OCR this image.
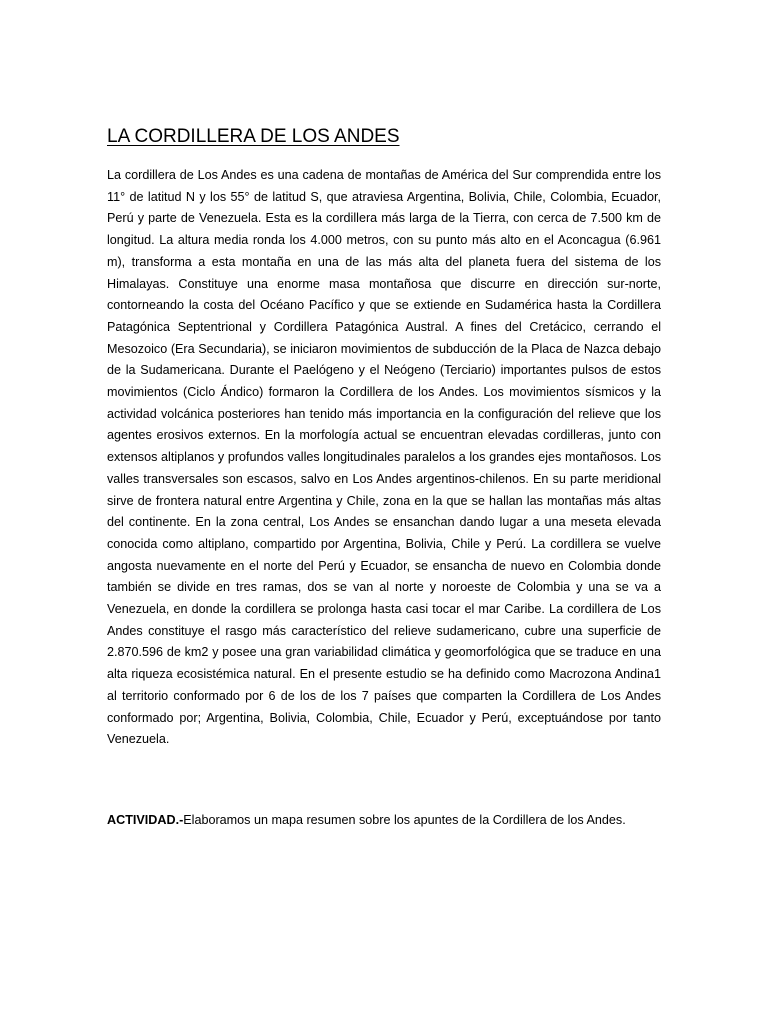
LA CORDILLERA DE LOS ANDES

La cordillera de Los Andes es una cadena de montañas de América del Sur comprendida entre los 11° de latitud N y los 55° de latitud S, que atraviesa Argentina, Bolivia, Chile, Colombia, Ecuador, Perú y parte de Venezuela. Esta es la cordillera más larga de la Tierra, con cerca de 7.500 km de longitud. La altura media ronda los 4.000 metros, con su punto más alto en el Aconcagua (6.961 m), transforma a esta montaña en una de las más alta del planeta fuera del sistema de los Himalayas. Constituye una enorme masa montañosa que discurre en dirección sur-norte, contorneando la costa del Océano Pacífico y que se extiende en Sudamérica hasta la Cordillera Patagónica Septentrional y Cordillera Patagónica Austral. A fines del Cretácico, cerrando el Mesozoico (Era Secundaria), se iniciaron movimientos de subducción de la Placa de Nazca debajo de la Sudamericana. Durante el Paelógeno y el Neógeno (Terciario) importantes pulsos de estos movimientos (Ciclo Ándico) formaron la Cordillera de los Andes. Los movimientos sísmicos y la actividad volcánica posteriores han tenido más importancia en la configuración del relieve que los agentes erosivos externos. En la morfología actual se encuentran elevadas cordilleras, junto con extensos altiplanos y profundos valles longitudinales paralelos a los grandes ejes montañosos. Los valles transversales son escasos, salvo en Los Andes argentinos-chilenos. En su parte meridional sirve de frontera natural entre Argentina y Chile, zona en la que se hallan las montañas más altas del continente. En la zona central, Los Andes se ensanchan dando lugar a una meseta elevada conocida como altiplano, compartido por Argentina, Bolivia, Chile y Perú. La cordillera se vuelve angosta nuevamente en el norte del Perú y Ecuador, se ensancha de nuevo en Colombia donde también se divide en tres ramas, dos se van al norte y noroeste de Colombia y una se va a Venezuela, en donde la cordillera se prolonga hasta casi tocar el mar Caribe. La cordillera de Los Andes constituye el rasgo más característico del relieve sudamericano, cubre una superficie de 2.870.596 de km2 y posee una gran variabilidad climática y geomorfológica que se traduce en una alta riqueza ecosistémica natural. En el presente estudio se ha definido como Macrozona Andina1 al territorio conformado por 6 de los de los 7 países que comparten la Cordillera de Los Andes conformado por; Argentina, Bolivia, Colombia, Chile, Ecuador y Perú, exceptuándose por tanto Venezuela.

ACTIVIDAD.-Elaboramos un mapa resumen sobre los apuntes de la Cordillera de los Andes.
